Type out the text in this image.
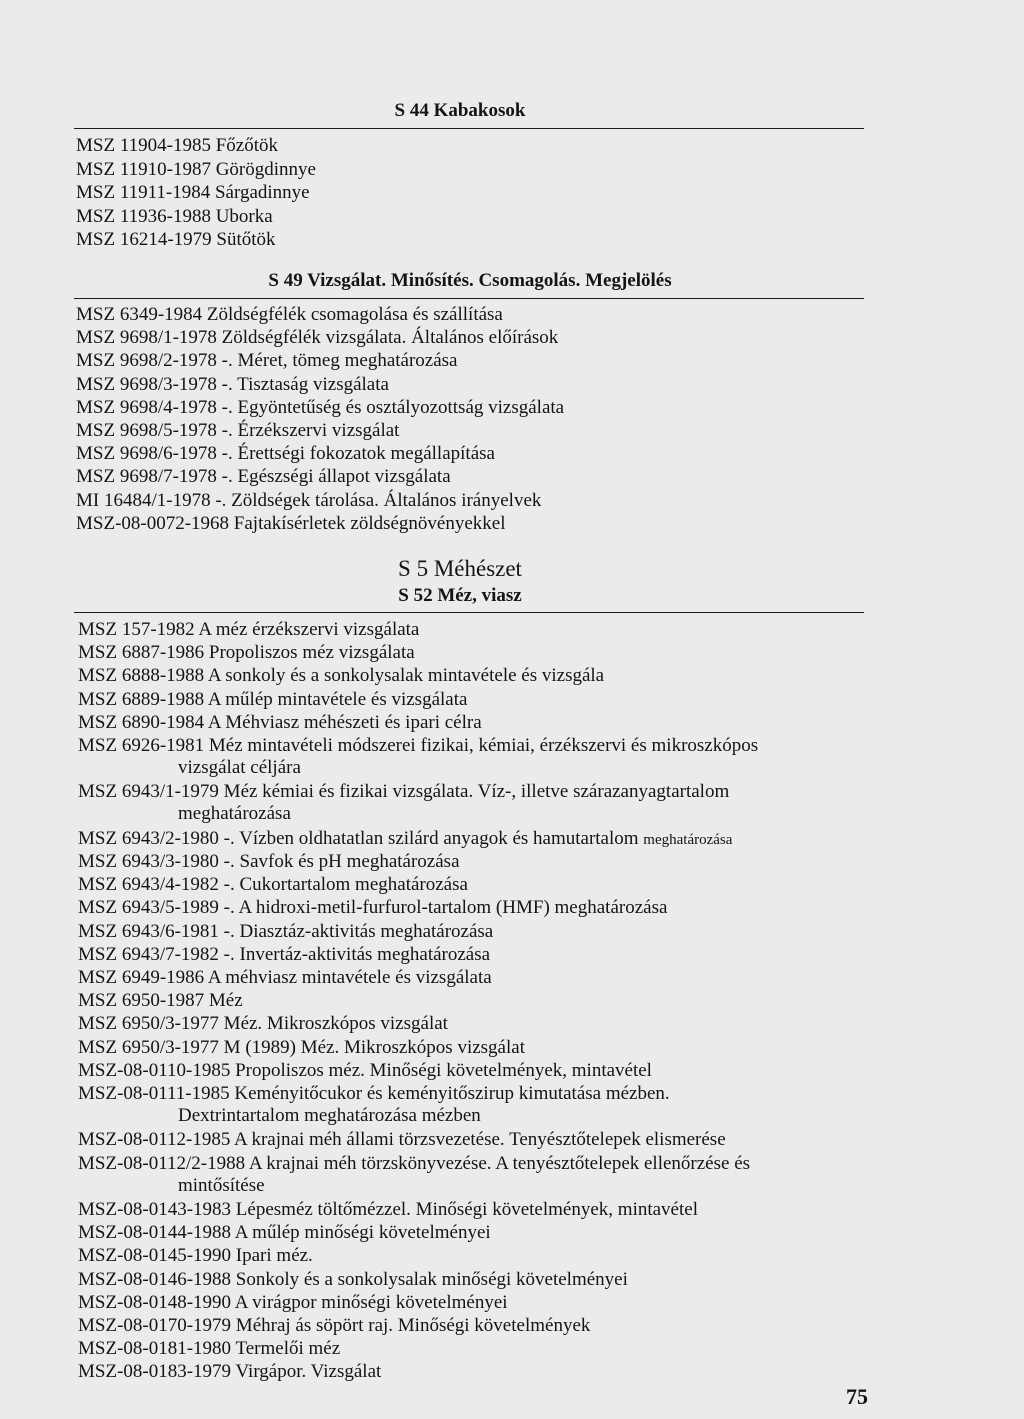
S 44 Kabakosok
MSZ 11904-1985 Főzőtök
MSZ 11910-1987 Görögdinnye
MSZ 11911-1984 Sárgadinnye
MSZ 11936-1988 Uborka
MSZ 16214-1979 Sütőtök
S 49 Vizsgálat. Minősítés. Csomagolás. Megjelölés
MSZ 6349-1984 Zöldségfélék csomagolása és szállítása
MSZ 9698/1-1978 Zöldségfélék vizsgálata. Általános előírások
MSZ 9698/2-1978 -. Méret, tömeg meghatározása
MSZ 9698/3-1978 -. Tisztaság vizsgálata
MSZ 9698/4-1978 -. Egyöntetűség és osztályozottság vizsgálata
MSZ 9698/5-1978 -. Érzékszervi vizsgálat
MSZ 9698/6-1978 -. Érettségi fokozatok megállapítása
MSZ 9698/7-1978 -. Egészségi állapot vizsgálata
MI 16484/1-1978 -. Zöldségek tárolása. Általános irányelvek
MSZ-08-0072-1968 Fajtakísérletek zöldségnövényekkel
S 5 Méhészet
S 52 Méz, viasz
MSZ 157-1982 A méz érzékszervi vizsgálata
MSZ 6887-1986 Propoliszos méz vizsgálata
MSZ 6888-1988 A sonkoly és a sonkolysalak mintavétele és vizsgála
MSZ 6889-1988 A műlép mintavétele és vizsgálata
MSZ 6890-1984 A Méhviasz méhészeti és ipari célra
MSZ 6926-1981 Méz mintavételi módszerei fizikai, kémiai, érzékszervi és mikroszkópos
vizsgálat céljára
MSZ 6943/1-1979 Méz kémiai és fizikai vizsgálata. Víz-, illetve szárazanyagtartalom
meghatározása
MSZ 6943/2-1980 -. Vízben oldhatatlan szilárd anyagok és hamutartalom meghatározása
MSZ 6943/3-1980 -. Savfok és pH meghatározása
MSZ 6943/4-1982 -. Cukortartalom meghatározása
MSZ 6943/5-1989 -. A hidroxi-metil-furfurol-tartalom (HMF) meghatározása
MSZ 6943/6-1981 -. Diasztáz-aktivitás meghatározása
MSZ 6943/7-1982 -. Invertáz-aktivitás meghatározása
MSZ 6949-1986 A méhviasz mintavétele és vizsgálata
MSZ 6950-1987 Méz
MSZ 6950/3-1977 Méz. Mikroszkópos vizsgálat
MSZ 6950/3-1977 M (1989) Méz. Mikroszkópos vizsgálat
MSZ-08-0110-1985 Propoliszos méz. Minőségi követelmények, mintavétel
MSZ-08-0111-1985 Keményitőcukor és keményitőszirup kimutatása mézben.
Dextrintartalom meghatározása mézben
MSZ-08-0112-1985 A krajnai méh állami törzsvezetése. Tenyésztőtelepek elismerése
MSZ-08-0112/2-1988 A krajnai méh törzskönyvezése. A tenyésztőtelepek ellenőrzése és
mintősítése
MSZ-08-0143-1983 Lépesméz töltőmézzel. Minőségi követelmények, mintavétel
MSZ-08-0144-1988 A műlép minőségi követelményei
MSZ-08-0145-1990 Ipari méz.
MSZ-08-0146-1988 Sonkoly és a sonkolysalak minőségi követelményei
MSZ-08-0148-1990 A virágpor minőségi követelményei
MSZ-08-0170-1979 Méhraj ás söpört raj. Minőségi követelmények
MSZ-08-0181-1980 Termelői méz
MSZ-08-0183-1979 Virgápor. Vizsgálat
75
